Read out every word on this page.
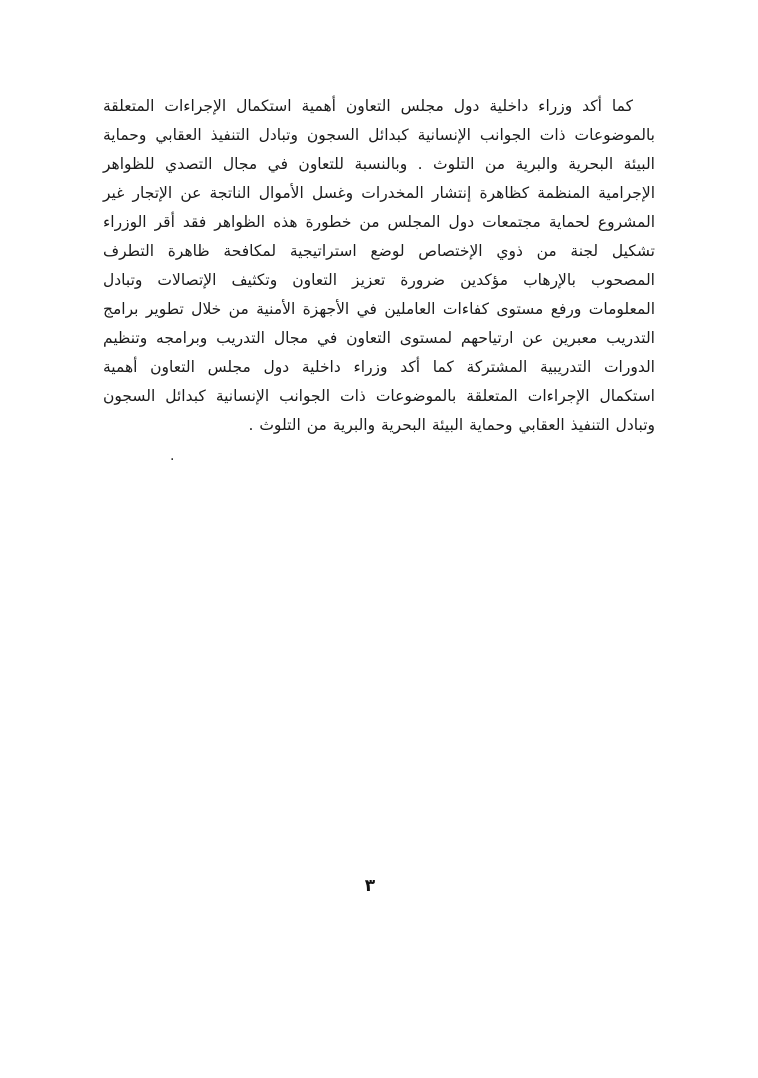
كما أكد وزراء داخلية دول مجلس التعاون أهمية استكمال الإجراءات المتعلقة
بالموضوعات ذات الجوانب الإنسانية كبدائل السجون وتبادل التنفيذ العقابي وحماية
البيئة البحرية والبرية من التلوث . وبالنسبة للتعاون في مجال التصدي للظواهر
الإجرامية المنظمة كظاهرة إنتشار المخدرات وغسل الأموال الناتجة عن الإتجار غير
المشروع لحماية مجتمعات دول المجلس من خطورة هذه الظواهر فقد أقر الوزراء
تشكيل لجنة من ذوي الإختصاص لوضع استراتيجية لمكافحة ظاهرة التطرف
المصحوب بالإرهاب مؤكدين ضرورة تعزيز التعاون وتكثيف الإتصالات وتبادل
المعلومات ورفع مستوى كفاءات العاملين في الأجهزة الأمنية من خلال تطوير برامج
التدريب معبرين عن ارتياحهم لمستوى التعاون في مجال التدريب وبرامجه وتنظيم
الدورات التدريبية المشتركة كما أكد وزراء داخلية دول مجلس التعاون أهمية
استكمال الإجراءات المتعلقة بالموضوعات ذات الجوانب الإنسانية كبدائل السجون
وتبادل التنفيذ العقابي وحماية البيئة البحرية والبرية من التلوث .
.
٣
